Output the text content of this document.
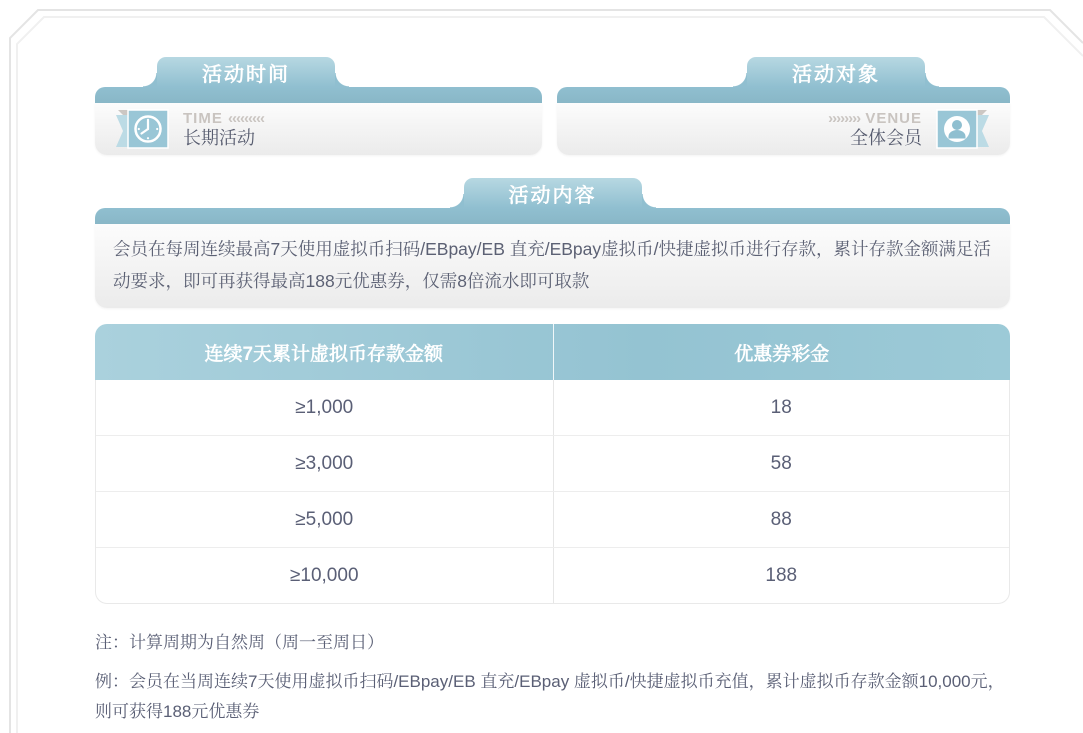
活动时间
TIME ‹‹‹‹‹‹‹‹‹
长期活动
活动对象
›››››››› VENUE
全体会员
活动内容
会员在每周连续最高7天使用虚拟币扫码/EBpay/EB 直充/EBpay虚拟币/快捷虚拟币进行存款，累计存款金额满足活动要求，即可再获得最高188元优惠券，仅需8倍流水即可取款
连续7天累计虚拟币存款金额	优惠券彩金
≥1,000	18
≥3,000	58
≥5,000	88
≥10,000	188
注：计算周期为自然周（周一至周日）
例：会员在当周连续7天使用虚拟币扫码/EBpay/EB 直充/EBpay 虚拟币/快捷虚拟币充值，累计虚拟币存款金额10,000元，则可获得188元优惠券
